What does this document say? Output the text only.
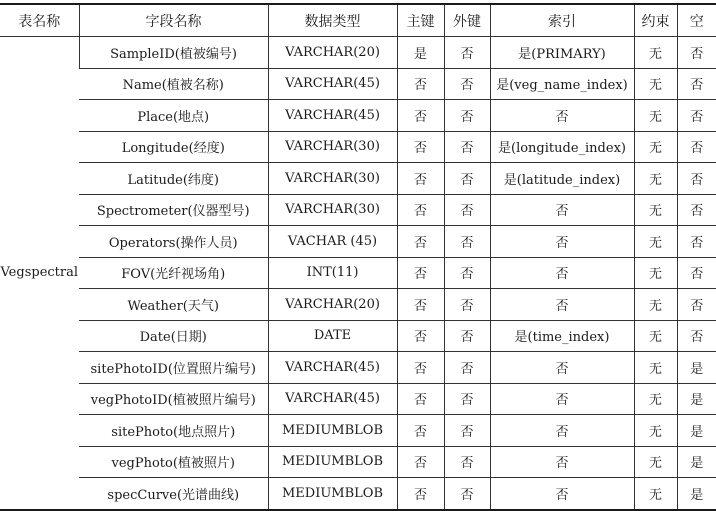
表名称	字段名称	数据类型	主键	外键	索引	约束	空
Vegspectral	SampleID(植被编号)	VARCHAR(20)	是	否	是(PRIMARY)	无	否
	Name(植被名称)	VARCHAR(45)	否	否	是(veg_name_index)	无	否
	Place(地点)	VARCHAR(45)	否	否	否	无	否
	Longitude(经度)	VARCHAR(30)	否	否	是(longitude_index)	无	否
	Latitude(纬度)	VARCHAR(30)	否	否	是(latitude_index)	无	否
	Spectrometer(仪器型号)	VARCHAR(30)	否	否	否	无	否
	Operators(操作人员)	VACHAR (45)	否	否	否	无	否
	FOV(光纤视场角)	INT(11)	否	否	否	无	否
	Weather(天气)	VARCHAR(20)	否	否	否	无	否
	Date(日期)	DATE	否	否	是(time_index)	无	否
	sitePhotoID(位置照片编号)	VARCHAR(45)	否	否	否	无	是
	vegPhotoID(植被照片编号)	VARCHAR(45)	否	否	否	无	是
	sitePhoto(地点照片)	MEDIUMBLOB	否	否	否	无	是
	vegPhoto(植被照片)	MEDIUMBLOB	否	否	否	无	是
	specCurve(光谱曲线)	MEDIUMBLOB	否	否	否	无	是
